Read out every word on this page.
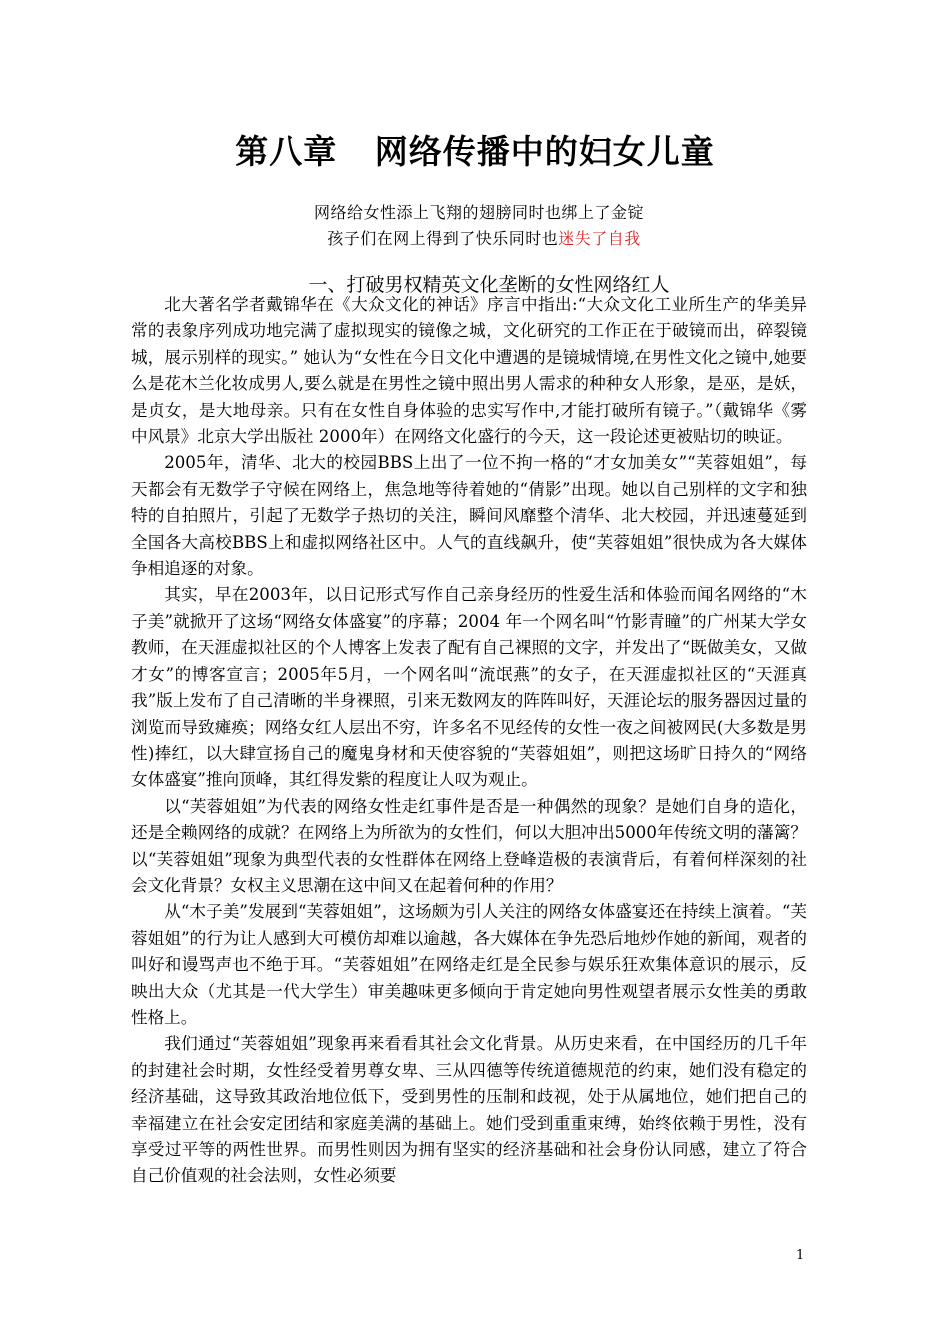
第八章   网络传播中的妇女儿童
网络给女性添上飞翔的翅膀同时也绑上了金锭
孩子们在网上得到了快乐同时也迷失了自我
一、打破男权精英文化垄断的女性网络红人

北大著名学者戴锦华在《大众文化的神话》序言中指出:“大众文化工业所生产的华美异常的表象序列成功地完满了虚拟现实的镜像之城，文化研究的工作正在于破镜而出，碎裂镜城，展示别样的现实。” 她认为“女性在今日文化中遭遇的是镜城情境,在男性文化之镜中,她要么是花木兰化妆成男人,要么就是在男性之镜中照出男人需求的种种女人形象，是巫，是妖，是贞女，是大地母亲。只有在女性自身体验的忠实写作中,才能打破所有镜子。”（戴锦华《雾中风景》北京大学出版社 2000年）在网络文化盛行的今天，这一段论述更被贴切的映证。

2005年，清华、北大的校园BBS上出了一位不拘一格的“才女加美女”“芙蓉姐姐”，每天都会有无数学子守候在网络上，焦急地等待着她的“倩影”出现。她以自己别样的文字和独特的自拍照片，引起了无数学子热切的关注，瞬间风靡整个清华、北大校园，并迅速蔓延到全国各大高校BBS上和虚拟网络社区中。人气的直线飙升，使“芙蓉姐姐”很快成为各大媒体争相追逐的对象。

其实，早在2003年，以日记形式写作自己亲身经历的性爱生活和体验而闻名网络的“木子美”就掀开了这场“网络女体盛宴”的序幕；2004 年一个网名叫“竹影青瞳”的广州某大学女教师，在天涯虚拟社区的个人博客上发表了配有自己裸照的文字，并发出了“既做美女，又做才女”的博客宣言；2005年5月，一个网名叫“流氓燕”的女子，在天涯虚拟社区的“天涯真我”版上发布了自己清晰的半身裸照，引来无数网友的阵阵叫好，天涯论坛的服务器因过量的浏览而导致瘫痪；网络女红人层出不穷，许多名不见经传的女性一夜之间被网民(大多数是男性)捧红，以大肆宣扬自己的魔鬼身材和天使容貌的“芙蓉姐姐”，则把这场旷日持久的“网络女体盛宴”推向顶峰，其红得发紫的程度让人叹为观止。

以“芙蓉姐姐”为代表的网络女性走红事件是否是一种偶然的现象？是她们自身的造化，还是全赖网络的成就？在网络上为所欲为的女性们，何以大胆冲出5000年传统文明的藩篱？以“芙蓉姐姐”现象为典型代表的女性群体在网络上登峰造极的表演背后，有着何样深刻的社会文化背景？女权主义思潮在这中间又在起着何种的作用？

从“木子美”发展到“芙蓉姐姐”，这场颇为引人关注的网络女体盛宴还在持续上演着。“芙蓉姐姐”的行为让人感到大可模仿却难以逾越，各大媒体在争先恐后地炒作她的新闻，观者的叫好和谩骂声也不绝于耳。“芙蓉姐姐”在网络走红是全民参与娱乐狂欢集体意识的展示，反映出大众（尤其是一代大学生）审美趣味更多倾向于肯定她向男性观望者展示女性美的勇敢性格上。

我们通过“芙蓉姐姐”现象再来看看其社会文化背景。从历史来看，在中国经历的几千年的封建社会时期，女性经受着男尊女卑、三从四德等传统道德规范的约束，她们没有稳定的经济基础，这导致其政治地位低下，受到男性的压制和歧视，处于从属地位，她们把自己的幸福建立在社会安定团结和家庭美满的基础上。她们受到重重束缚，始终依赖于男性，没有享受过平等的两性世界。而男性则因为拥有坚实的经济基础和社会身份认同感，建立了符合自己价值观的社会法则，女性必须要

1
